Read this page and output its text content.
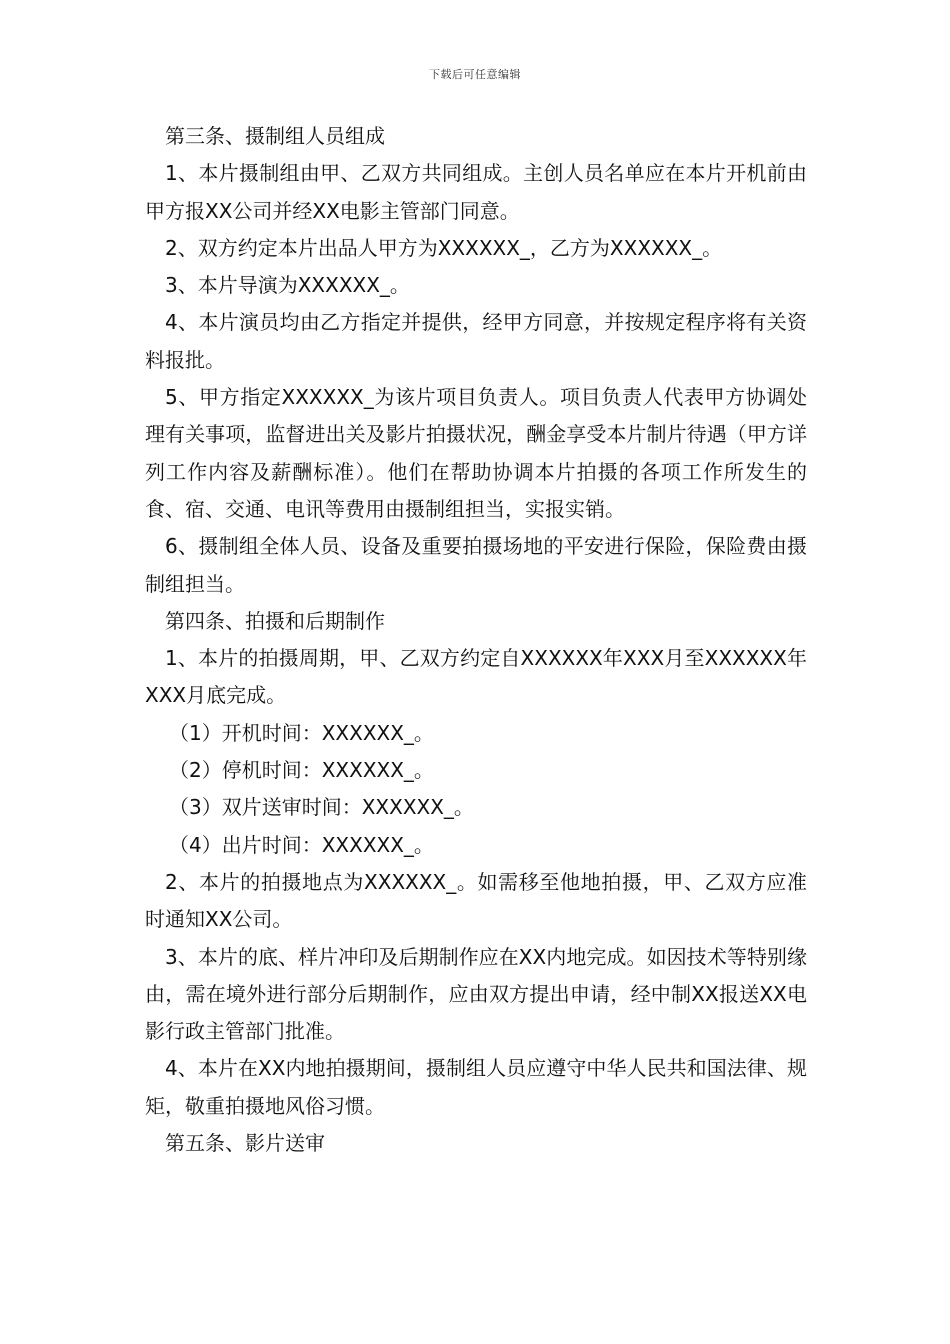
下载后可任意编辑

第三条、摄制组人员组成

1、本片摄制组由甲、乙双方共同组成。主创人员名单应在本片开机前由甲方报XX公司并经XX电影主管部门同意。

2、双方约定本片出品人甲方为XXXXXX_，乙方为XXXXXX_。

3、本片导演为XXXXXX_。

4、本片演员均由乙方指定并提供，经甲方同意，并按规定程序将有关资料报批。

5、甲方指定XXXXXX_为该片项目负责人。项目负责人代表甲方协调处理有关事项，监督进出关及影片拍摄状况，酬金享受本片制片待遇（甲方详列工作内容及薪酬标准）。他们在帮助协调本片拍摄的各项工作所发生的食、宿、交通、电讯等费用由摄制组担当，实报实销。

6、摄制组全体人员、设备及重要拍摄场地的平安进行保险，保险费由摄制组担当。

第四条、拍摄和后期制作

1、本片的拍摄周期，甲、乙双方约定自XXXXXX年XXX月至XXXXXX年XXX月底完成。

（1）开机时间：XXXXXX_。

（2）停机时间：XXXXXX_。

（3）双片送审时间：XXXXXX_。

（4）出片时间：XXXXXX_。

2、本片的拍摄地点为XXXXXX_。如需移至他地拍摄，甲、乙双方应准时通知XX公司。

3、本片的底、样片冲印及后期制作应在XX内地完成。如因技术等特别缘由，需在境外进行部分后期制作，应由双方提出申请，经中制XX报送XX电影行政主管部门批准。

4、本片在XX内地拍摄期间，摄制组人员应遵守中华人民共和国法律、规矩，敬重拍摄地风俗习惯。

第五条、影片送审
